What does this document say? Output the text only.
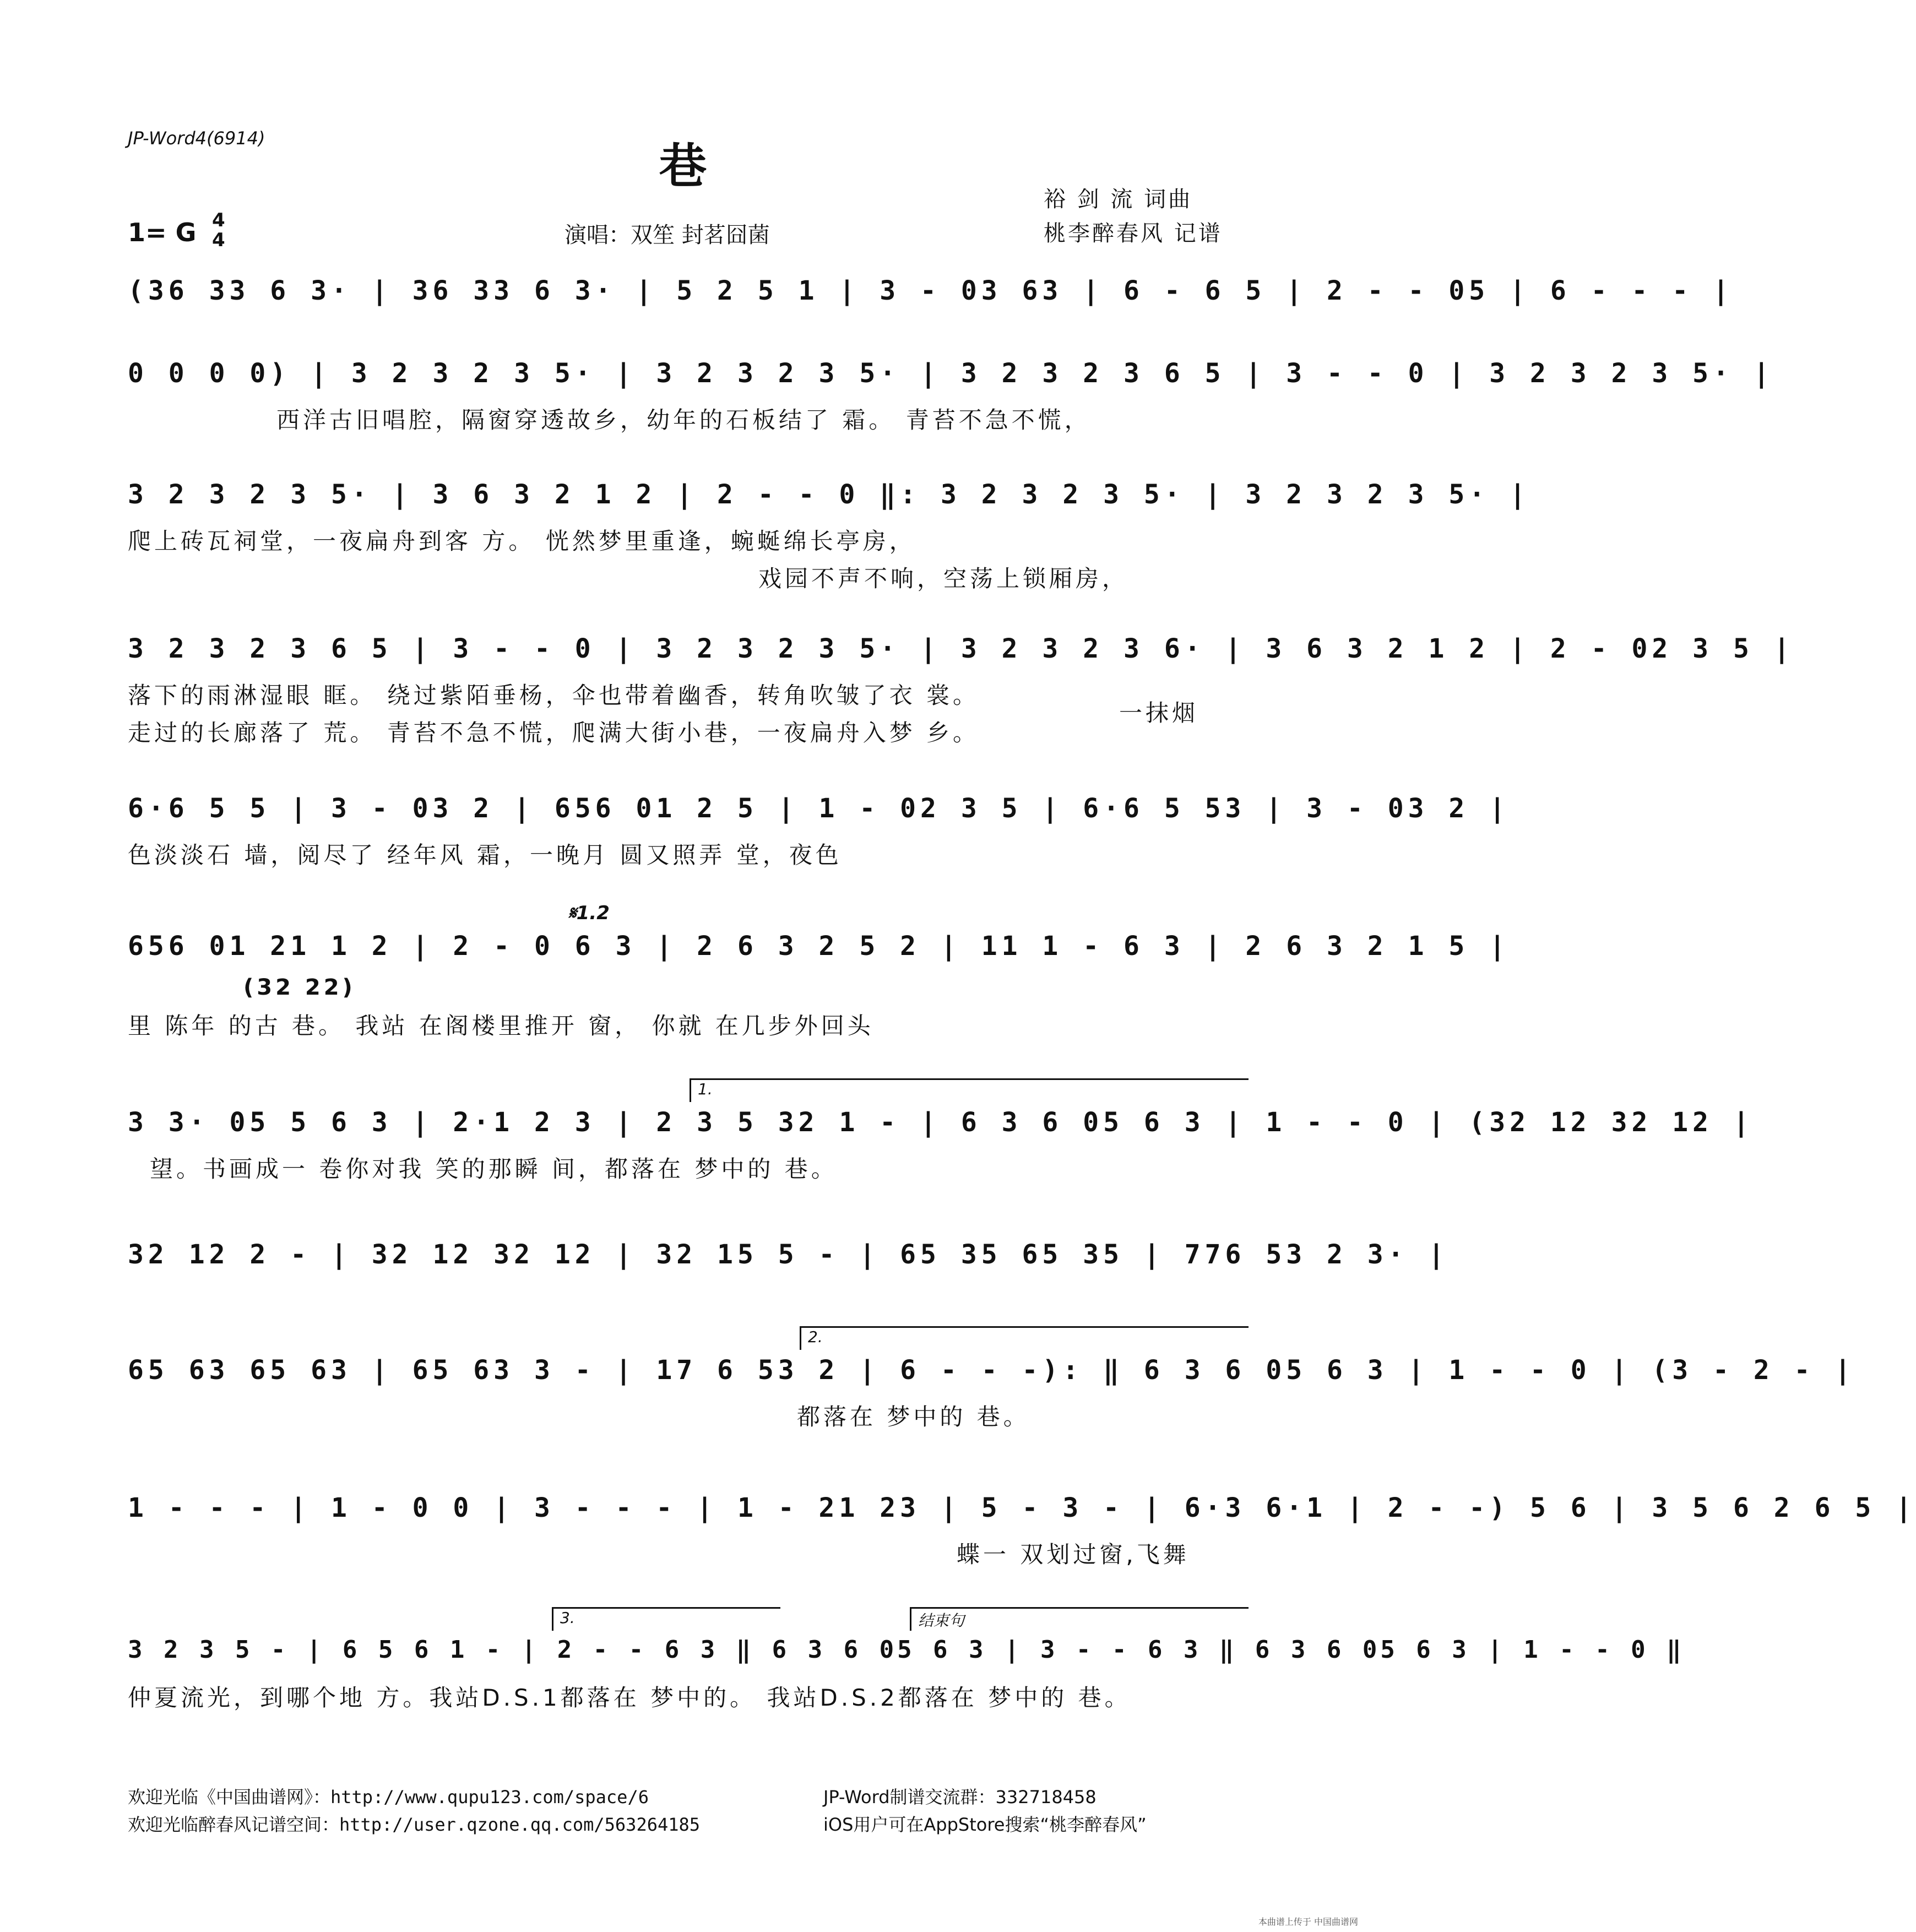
JP-Word4(6914)	巷
1= G 4
4	演唱：双笙 封茗囧菌
裕 剑 流 词曲
桃李醉春风 记谱
(36 33 6 3· | 36 33 6 3· | 5 2 5 1 | 3 - 03 63 | 6 - 6 5 | 2 - - 05 | 6 - - - |
0 0 0 0) | 3 2 3 2 3 5· | 3 2 3 2 3 5· | 3 2 3 2 3 6 5 | 3 - - 0 | 3 2 3 2 3 5· |
西洋古旧唱腔，隔窗穿透故乡，幼年的石板结了 霜。 青苔不急不慌，
3 2 3 2 3 5· | 3 6 3 2 1 2 | 2 - - 0 ‖: 3 2 3 2 3 5· | 3 2 3 2 3 5· |
爬上砖瓦祠堂，一夜扁舟到客 方。 恍然梦里重逢，蜿蜒绵长亭房，
戏园不声不响，空荡上锁厢房，
3 2 3 2 3 6 5 | 3 - - 0 | 3 2 3 2 3 5· | 3 2 3 2 3 6· | 3 6 3 2 1 2 | 2 - 02 3 5 |
落下的雨淋湿眼 眶。 绕过紫陌垂杨，伞也带着幽香，转角吹皱了衣 裳。
走过的长廊落了 荒。 青苔不急不慌，爬满大街小巷，一夜扁舟入梦 乡。
一抹烟
6·6 5 5 | 3 - 03 2 | 656 01 2 5 | 1 - 02 3 5 | 6·6 5 53 | 3 - 03 2 |
色淡淡石 墙，阅尽了 经年风 霜，一晚月 圆又照弄 堂，夜色
𝄋1.2
656 01 21 1 2 | 2 - 0 6 3 | 2 6 3 2 5 2 | 11 1 - 6 3 | 2 6 3 2 1 5 |
(32 22)
里 陈年 的古 巷。 我站 在阁楼里推开 窗， 你就 在几步外回头
1.
3 3· 05 5 6 3 | 2·1 2 3 | 2 3 5 32 1 - | 6 3 6 05 6 3 | 1 - - 0 | (32 12 32 12 |
望。书画成一 卷你对我 笑的那瞬 间，都落在 梦中的 巷。
32 12 2 - | 32 12 32 12 | 32 15 5 - | 65 35 65 35 | 776 53 2 3· |
2.
65 63 65 63 | 65 63 3 - | 17 6 53 2 | 6 - - -): ‖ 6 3 6 05 6 3 | 1 - - 0 | (3 - 2 - |
都落在 梦中的 巷。
1 - - - | 1 - 0 0 | 3 - - - | 1 - 21 23 | 5 - 3 - | 6·3 6·1 | 2 - -) 5 6 | 3 5 6 2 6 5 |
蝶一 双划过窗,飞舞
3.	结束句
3 2 3 5 - | 6 5 6 1 - | 2 - - 6 3 ‖ 6 3 6 05 6 3 | 3 - - 6 3 ‖ 6 3 6 05 6 3 | 1 - - 0 ‖
仲夏流光，到哪个地 方。我站D.S.1都落在 梦中的。 我站D.S.2都落在 梦中的 巷。
欢迎光临《中国曲谱网》：http://www.qupu123.com/space/6
欢迎光临醉春风记谱空间：http://user.qzone.qq.com/563264185
JP-Word制谱交流群：332718458
iOS用户可在AppStore搜索“桃李醉春风”
本曲谱上传于 中国曲谱网
